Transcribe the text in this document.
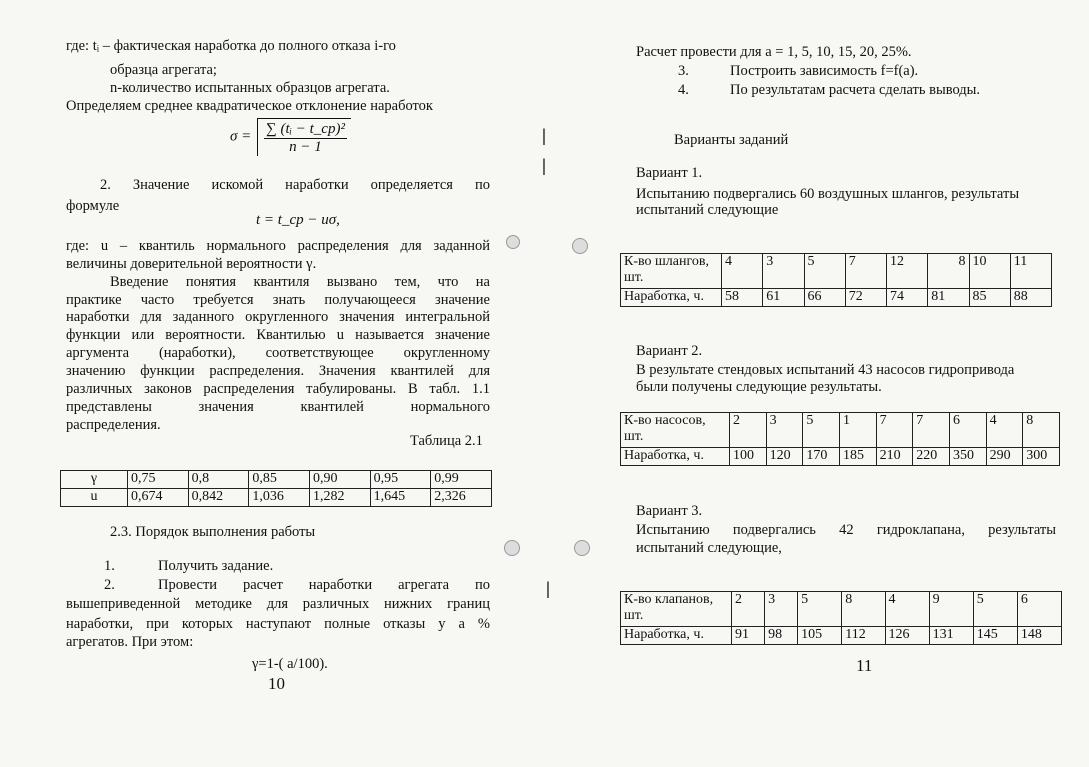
где: tᵢ – фактическая наработка до полного отказа i-го
образца агрегата;
n-количество испытанных образцов агрегата.
Определяем среднее квадратическое отклонение наработок
$\sigma = \frac{\text{∑ (tᵢ − t\_ср)²}}{n - 1}$
2. Значение искомой наработки определяется по
формуле
t = t_ср − uσ,
где: u – квантиль нормального распределения для заданной
величины доверительной вероятности γ.
Введение понятия квантиля вызвано тем, что на
практике часто требуется знать получающееся значение
наработки для заданного округленного значения интегральной
функции или вероятности. Квантилью u называется значение
аргумента (наработки), соответствующее округленному
значению функции распределения. Значения квантилей для
различных законов распределения табулированы. В табл. 1.1
представлены значения квантилей нормального
распределения.
Таблица 2.1
γ	0,75	0,8	0,85	0,90	0,95	0,99
u	0,674	0,842	1,036	1,282	1,645	2,326
2.3. Порядок выполнения работы
1.	Получить задание.
2.	Провести расчет наработки агрегата по
вышеприведенной методике для различных нижних границ
наработки, при которых наступают полные отказы у а %
агрегатов. При этом:
γ=1-( а/100).
10
|
|
|
Расчет провести для а = 1, 5, 10, 15, 20, 25%.
3.	Построить зависимость f=f(а).
4.	По результатам расчета сделать выводы.
Варианты заданий
Вариант 1.
Испытанию подвергались 60 воздушных шлангов, результаты
испытаний следующие
К-во шлангов, шт.	4	3	5	7	12	8	10	11
Наработка, ч.	58	61	66	72	74	81	85	88
Вариант 2.
В результате стендовых испытаний 43 насосов гидропривода
были получены следующие результаты.
К-во насосов, шт.	2	3	5	1	7	7	6	4	8
Наработка, ч.	100	120	170	185	210	220	350	290	300
Вариант 3.
Испытанию подвергались 42 гидроклапана, результаты
испытаний следующие,
К-во клапанов, шт.	2	3	5	8	4	9	5	6
Наработка, ч.	91	98	105	112	126	131	145	148
11
